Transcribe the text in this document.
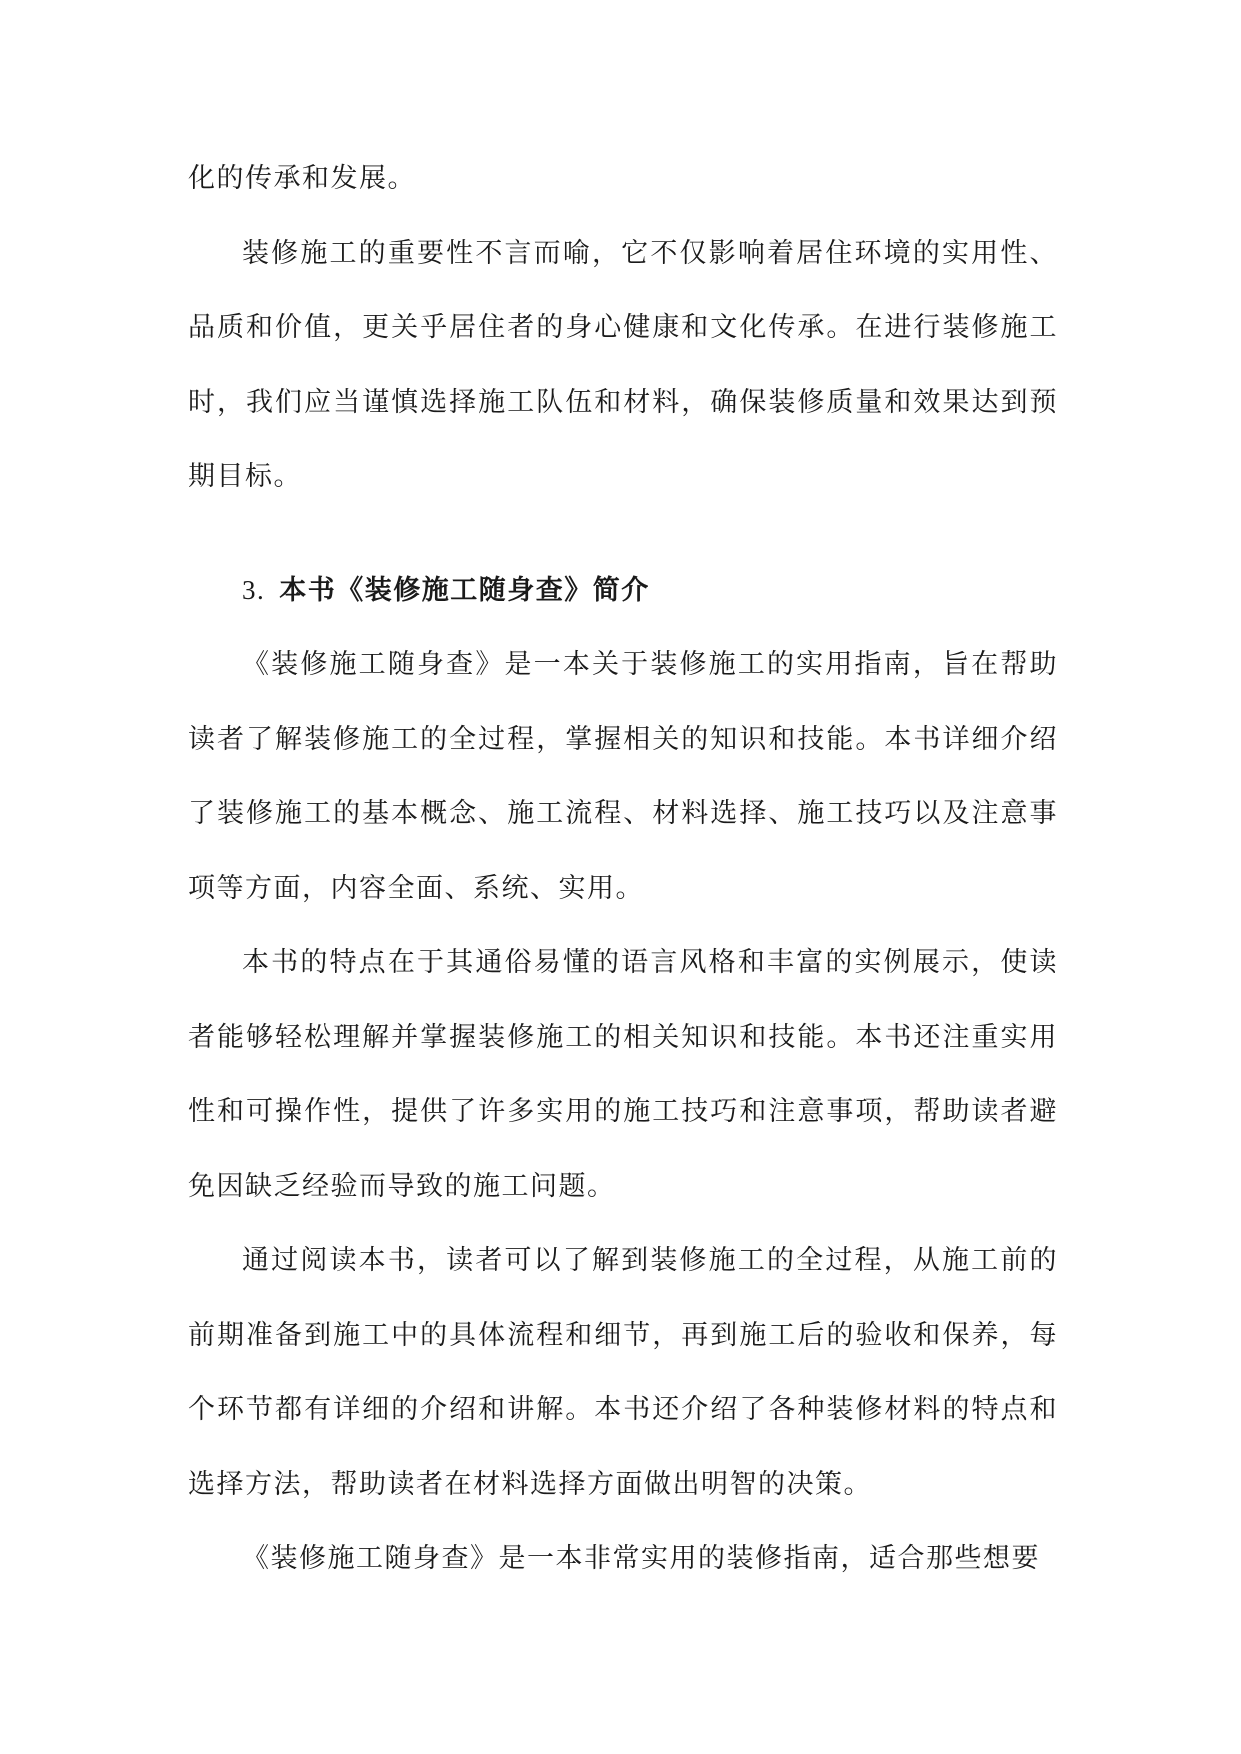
化的传承和发展。

装修施工的重要性不言而喻，它不仅影响着居住环境的实用性、品质和价值，更关乎居住者的身心健康和文化传承。在进行装修施工时，我们应当谨慎选择施工队伍和材料，确保装修质量和效果达到预期目标。

3. 本书《装修施工随身查》简介

《装修施工随身查》是一本关于装修施工的实用指南，旨在帮助读者了解装修施工的全过程，掌握相关的知识和技能。本书详细介绍了装修施工的基本概念、施工流程、材料选择、施工技巧以及注意事项等方面，内容全面、系统、实用。

本书的特点在于其通俗易懂的语言风格和丰富的实例展示，使读者能够轻松理解并掌握装修施工的相关知识和技能。本书还注重实用性和可操作性，提供了许多实用的施工技巧和注意事项，帮助读者避免因缺乏经验而导致的施工问题。

通过阅读本书，读者可以了解到装修施工的全过程，从施工前的前期准备到施工中的具体流程和细节，再到施工后的验收和保养，每个环节都有详细的介绍和讲解。本书还介绍了各种装修材料的特点和选择方法，帮助读者在材料选择方面做出明智的决策。

《装修施工随身查》是一本非常实用的装修指南，适合那些想要
